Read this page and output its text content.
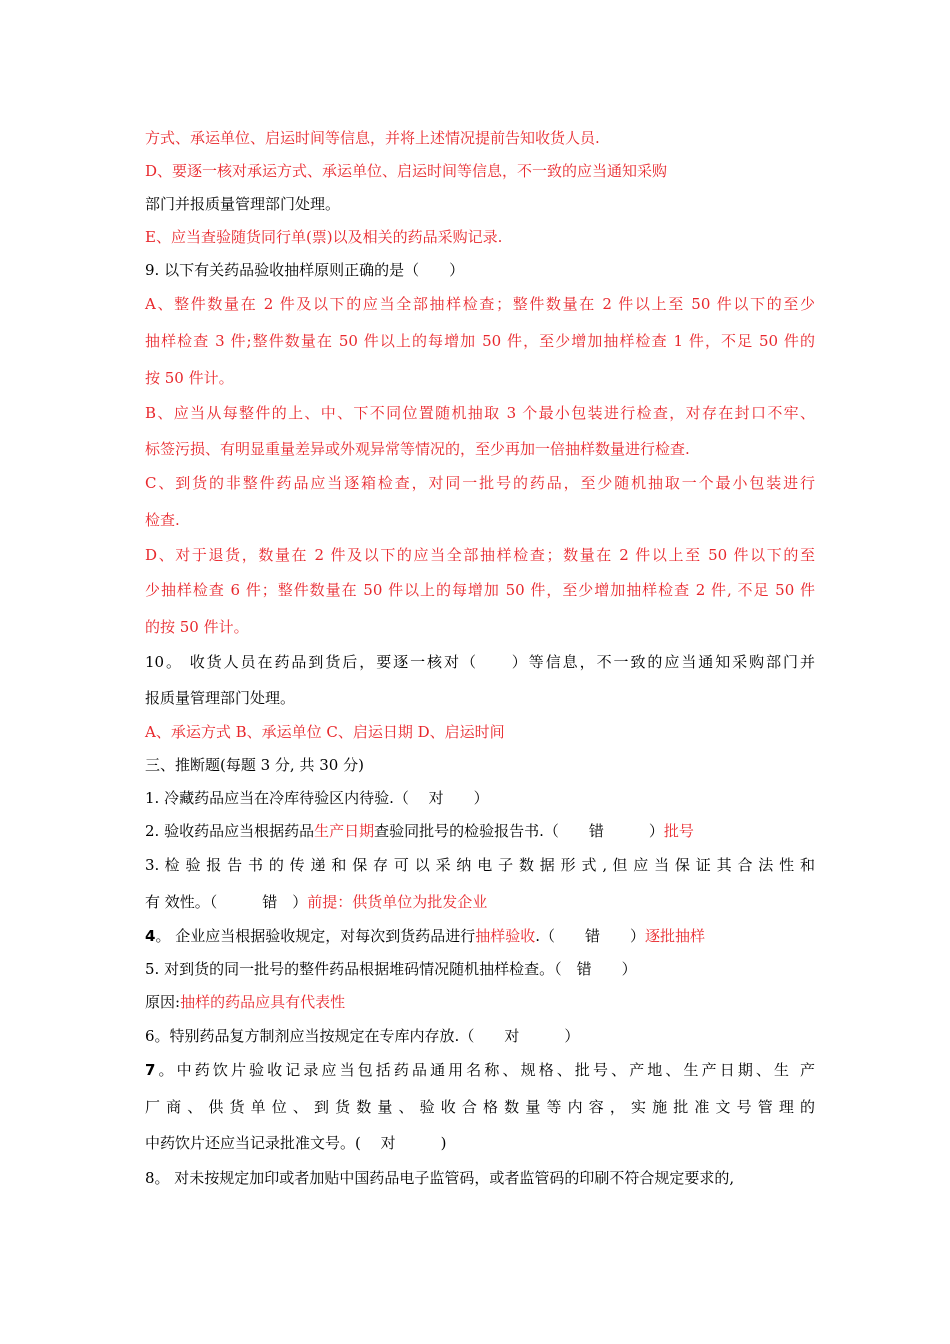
方式、承运单位、启运时间等信息，并将上述情况提前告知收货人员.
D、要逐一核对承运方式、承运单位、启运时间等信息，不一致的应当通知采购
部门并报质量管理部门处理。
E、应当查验随货同行单(票)以及相关的药品采购记录.
9. 以下有关药品验收抽样原则正确的是（　　）
A、整件数量在 2 件及以下的应当全部抽样检查；整件数量在 2 件以上至 50 件以下的至少
抽样检查 3 件;整件数量在 50 件以上的每增加 50 件，至少增加抽样检查 1 件，不足 50 件的
按 50 件计。
B、应当从每整件的上、中、下不同位置随机抽取 3 个最小包装进行检查，对存在封口不牢、
标签污损、有明显重量差异或外观异常等情况的，至少再加一倍抽样数量进行检查.
C、到货的非整件药品应当逐箱检查，对同一批号的药品，至少随机抽取一个最小包装进行
检查.
D、对于退货，数量在 2 件及以下的应当全部抽样检查；数量在 2 件以上至 50 件以下的至
少抽样检查 6 件；整件数量在 50 件以上的每增加 50 件，至少增加抽样检查 2 件, 不足 50 件
的按 50 件计。
10。 收货人员在药品到货后，要逐一核对（　　）等信息，不一致的应当通知采购部门并
报质量管理部门处理。
A、承运方式 B、承运单位 C、启运日期 D、启运时间
三、推断题(每题 3 分, 共 30 分)
1. 冷藏药品应当在冷库待验区内待验.（　 对　　）
2. 验收药品应当根据药品生产日期查验同批号的检验报告书.（　　错　　　）批号
3. 检 验 报 告 书 的 传 递 和 保 存 可 以 采 纳 电 子 数 据 形 式 , 但 应 当 保 证 其 合 法 性 和
有 效性。（　　　错　）前提：供货单位为批发企业
4。 企业应当根据验收规定，对每次到货药品进行抽样验收.（　　错　　）逐批抽样
5. 对到货的同一批号的整件药品根据堆码情况随机抽样检查。（　错　　）
原因:抽样的药品应具有代表性
6。特别药品复方制剂应当按规定在专库内存放.（　　对　　　）
7。中药饮片验收记录应当包括药品通用名称、规格、批号、产地、生产日期、生 产
厂 商 、 供 货 单 位 、 到 货 数 量 、 验 收 合 格 数 量 等 内 容 ， 实 施 批 准 文 号 管 理 的
中药饮片还应当记录批准文号。(　 对　　　)
8。 对未按规定加印或者加贴中国药品电子监管码，或者监管码的印刷不符合规定要求的,
